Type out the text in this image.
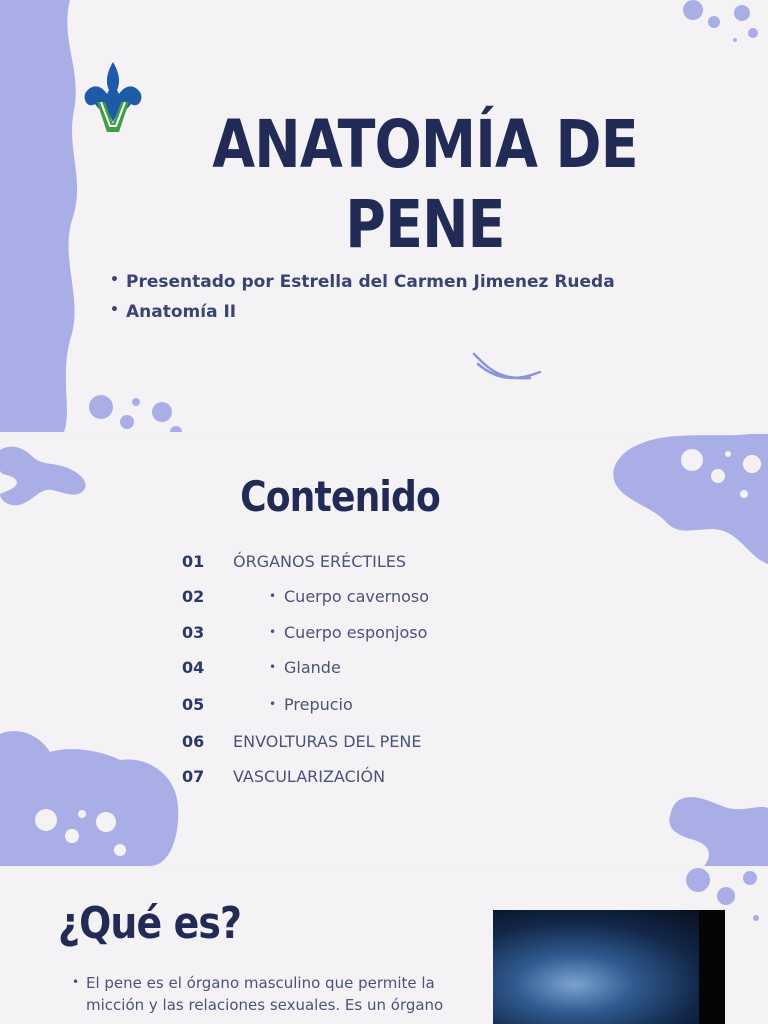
ANATOMÍA DE
PENE
• Presentado por Estrella del Carmen Jimenez Rueda
• Anatomía II
Contenido
01 ÓRGANOS ERÉCTILES
02	• Cuerpo cavernoso
03	• Cuerpo esponjoso
04	• Glande
05	• Prepucio
06 ENVOLTURAS DEL PENE
07 VASCULARIZACIÓN
¿Qué es?
• El pene es el órgano masculino que permite la micción y las relaciones sexuales. Es un órgano
